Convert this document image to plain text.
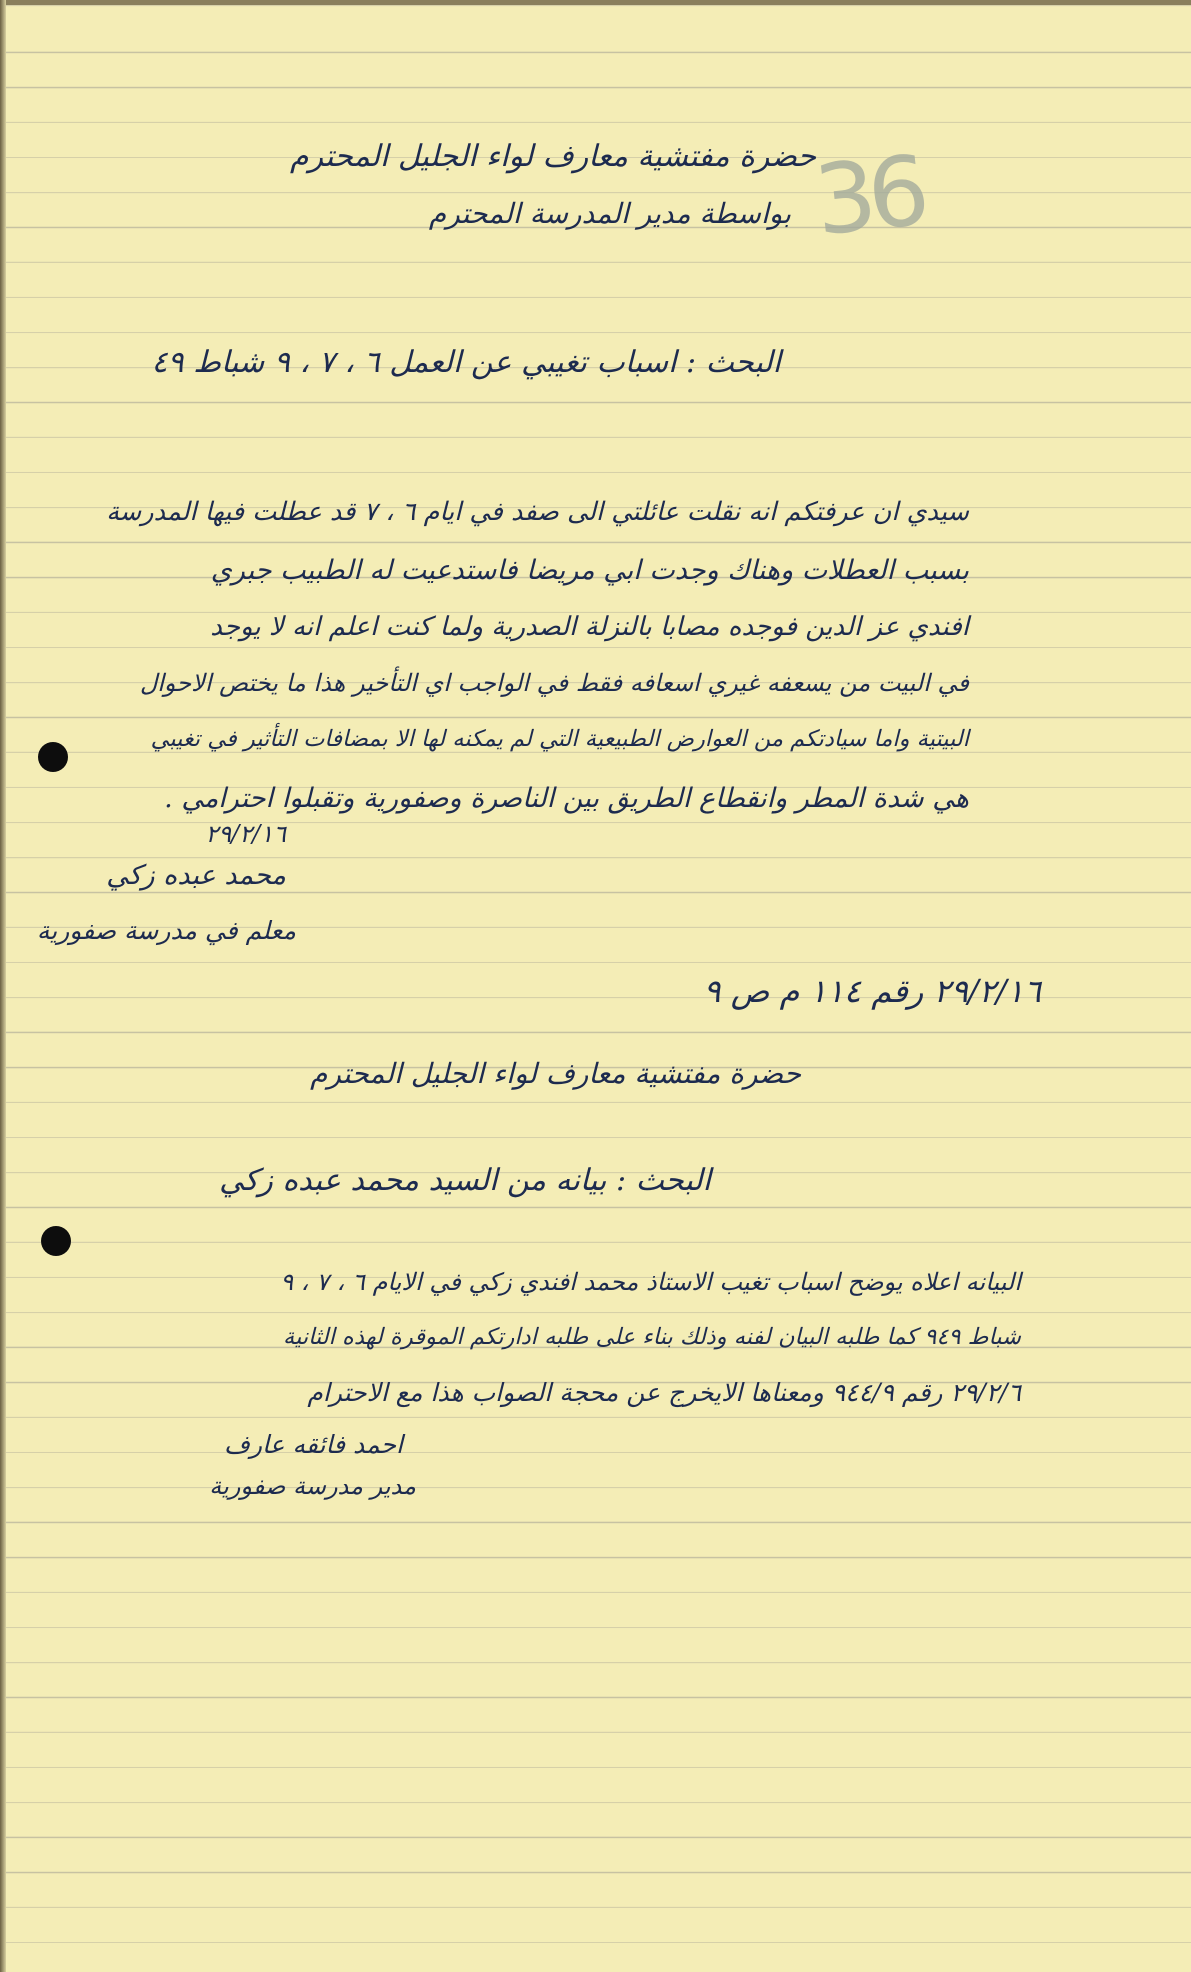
36
حضرة مفتشية معارف لواء الجليل المحترم
بواسطة مدير المدرسة المحترم
البحث : اسباب تغيبي عن العمل ٦ ، ٧ ، ٩ شباط ٤٩
سيدي ان عرفتكم انه نقلت عائلتي الى صفد في ايام ٦ ، ٧ قد عطلت فيها المدرسة
بسبب العطلات وهناك وجدت ابي مريضا فاستدعيت له الطبيب جبري
افندي عز الدين فوجده مصابا بالنزلة الصدرية ولما كنت اعلم انه لا يوجد
في البيت من يسعفه غيري اسعافه فقط في الواجب اي التأخير هذا ما يختص الاحوال
البيتية واما سيادتكم من العوارض الطبيعية التي لم يمكنه لها الا بمضافات التأثير في تغيبي
هي شدة المطر وانقطاع الطريق بين الناصرة وصفورية وتقبلوا احترامي .
٢٩/٢/١٦
محمد عبده زكي
معلم في مدرسة صفورية
٢٩/٢/١٦ رقم ١١٤ م ص ٩
حضرة مفتشية معارف لواء الجليل المحترم
البحث : بيانه من السيد محمد عبده زكي
البيانه اعلاه يوضح اسباب تغيب الاستاذ محمد افندي زكي في الايام ٦ ، ٧ ، ٩
شباط ٩٤٩ كما طلبه البيان لفنه وذلك بناء على طلبه ادارتكم الموقرة لهذه الثانية
٢٩/٢/٦ رقم ٩٤٤/٩ ومعناها الايخرج عن محجة الصواب هذا مع الاحترام
احمد فائقه عارف
مدير مدرسة صفورية
